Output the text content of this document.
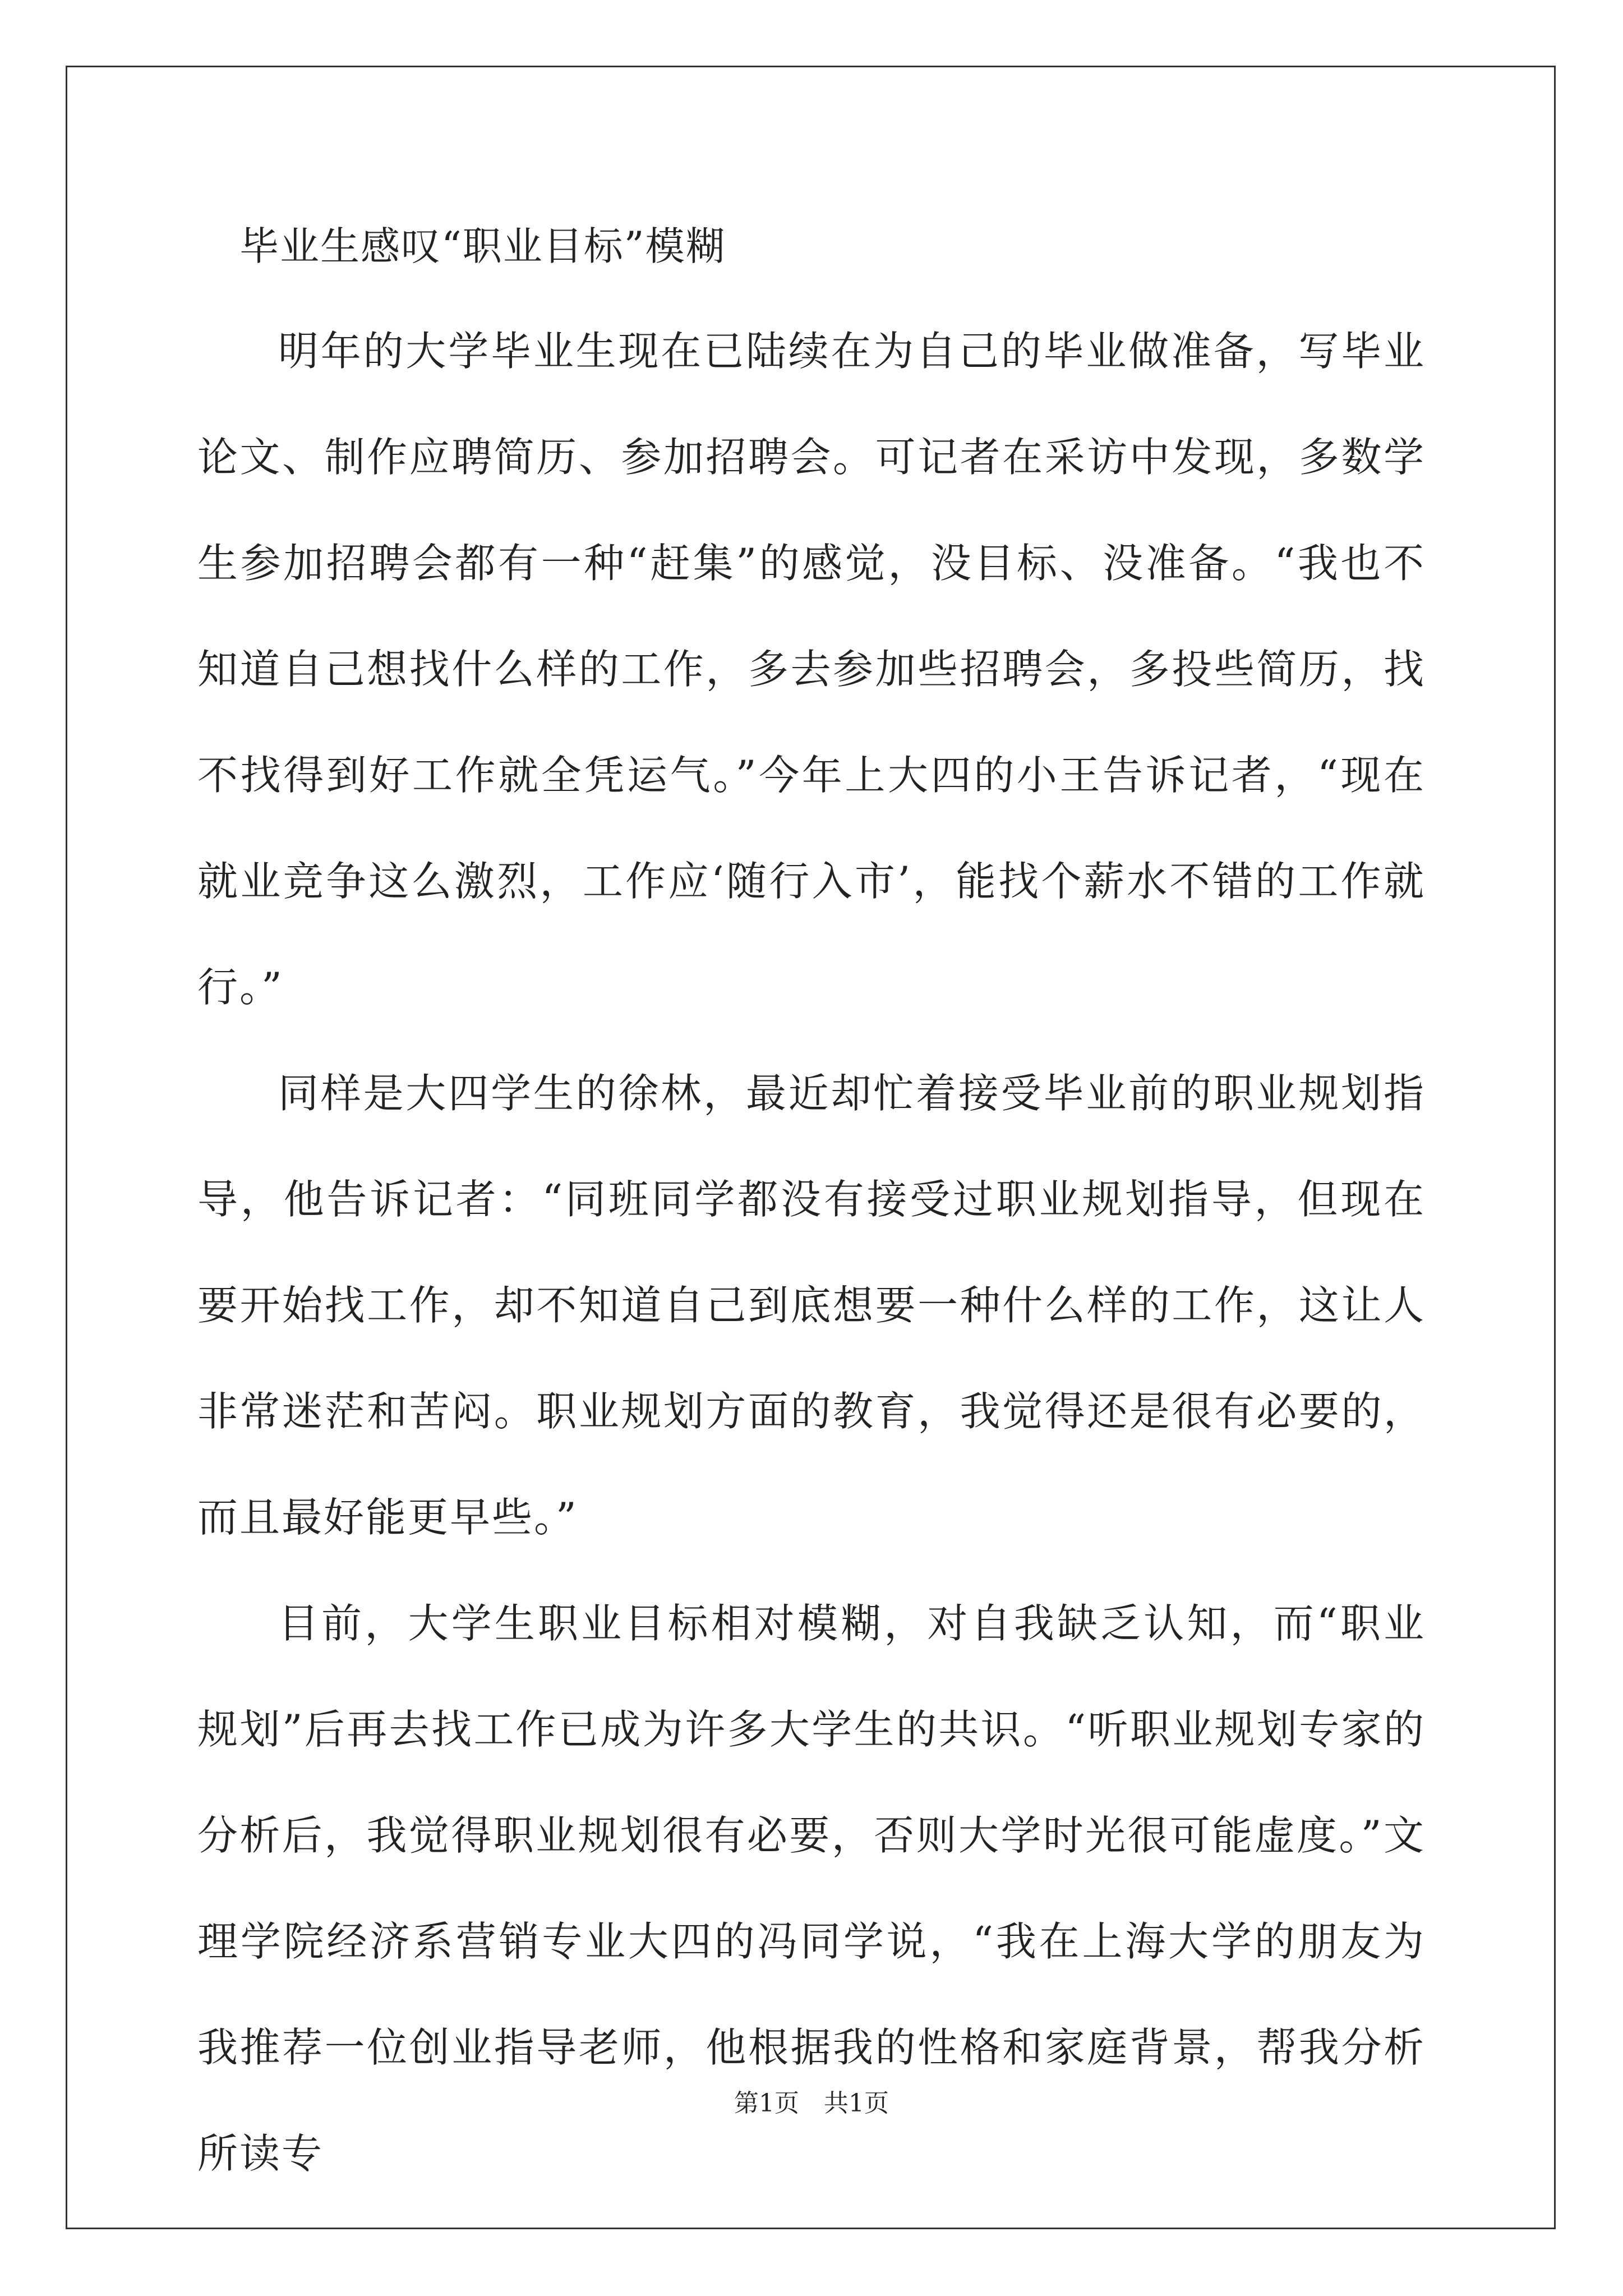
毕业生感叹“职业目标”模糊

明年的大学毕业生现在已陆续在为自己的毕业做准备，写毕业论文、制作应聘简历、参加招聘会。可记者在采访中发现，多数学生参加招聘会都有一种“赶集”的感觉，没目标、没准备。“我也不知道自己想找什么样的工作，多去参加些招聘会，多投些简历，找不找得到好工作就全凭运气。”今年上大四的小王告诉记者，“现在就业竞争这么激烈，工作应‘随行入市’，能找个薪水不错的工作就行。”

同样是大四学生的徐林，最近却忙着接受毕业前的职业规划指导，他告诉记者：“同班同学都没有接受过职业规划指导，但现在要开始找工作，却不知道自己到底想要一种什么样的工作，这让人非常迷茫和苦闷。职业规划方面的教育，我觉得还是很有必要的，而且最好能更早些。”

目前，大学生职业目标相对模糊，对自我缺乏认知，而“职业规划”后再去找工作已成为许多大学生的共识。“听职业规划专家的分析后，我觉得职业规划很有必要，否则大学时光很可能虚度。”文理学院经济系营销专业大四的冯同学说，“我在上海大学的朋友为我推荐一位创业指导老师，他根据我的性格和家庭背景，帮我分析所读专

第1页　共1页
